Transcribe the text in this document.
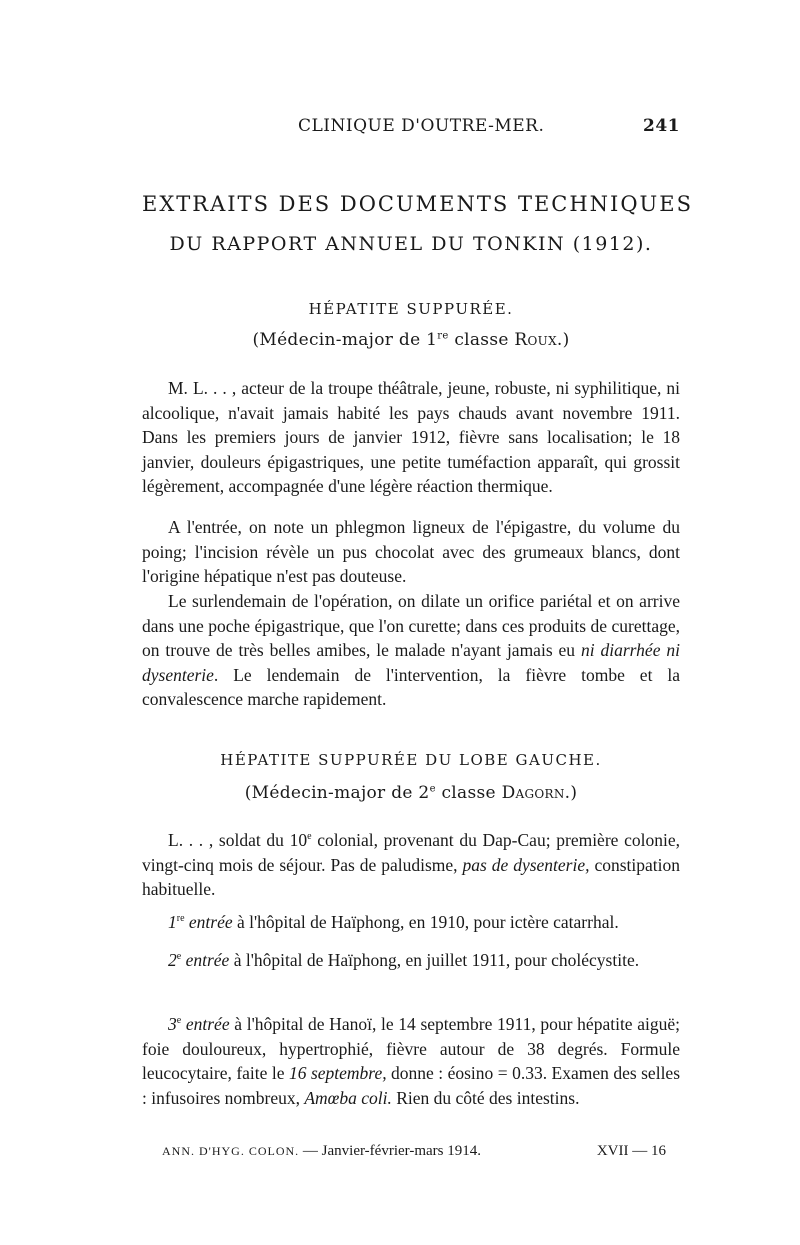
CLINIQUE D'OUTRE-MER.	241
EXTRAITS DES DOCUMENTS TECHNIQUES
DU RAPPORT ANNUEL DU TONKIN (1912).
HÉPATITE SUPPURÉE.
(Médecin-major de 1re classe Roux.)

M. L. . . , acteur de la troupe théâtrale, jeune, robuste, ni syphilitique, ni alcoolique, n'avait jamais habité les pays chauds avant novembre 1911. Dans les premiers jours de janvier 1912, fièvre sans localisation; le 18 janvier, douleurs épigastriques, une petite tuméfaction apparaît, qui grossit légèrement, accompagnée d'une légère réaction thermique.

A l'entrée, on note un phlegmon ligneux de l'épigastre, du volume du poing; l'incision révèle un pus chocolat avec des grumeaux blancs, dont l'origine hépatique n'est pas douteuse.

Le surlendemain de l'opération, on dilate un orifice pariétal et on arrive dans une poche épigastrique, que l'on curette; dans ces produits de curettage, on trouve de très belles amibes, le malade n'ayant jamais eu ni diarrhée ni dysenterie. Le lendemain de l'intervention, la fièvre tombe et la convalescence marche rapidement.

HÉPATITE SUPPURÉE DU LOBE GAUCHE.
(Médecin-major de 2e classe Dagorn.)

L. . . , soldat du 10e colonial, provenant du Dap-Cau; première colonie, vingt-cinq mois de séjour. Pas de paludisme, pas de dysenterie, constipation habituelle.

1re entrée à l'hôpital de Haïphong, en 1910, pour ictère catarrhal.

2e entrée à l'hôpital de Haïphong, en juillet 1911, pour cholécystite.

3e entrée à l'hôpital de Hanoï, le 14 septembre 1911, pour hépatite aiguë; foie douloureux, hypertrophié, fièvre autour de 38 degrés. Formule leucocytaire, faite le 16 septembre, donne : éosino = 0.33. Examen des selles : infusoires nombreux, Amœba coli. Rien du côté des intestins.

ANN. D'HYG. COLON. — Janvier-février-mars 1914.	XVII — 16
